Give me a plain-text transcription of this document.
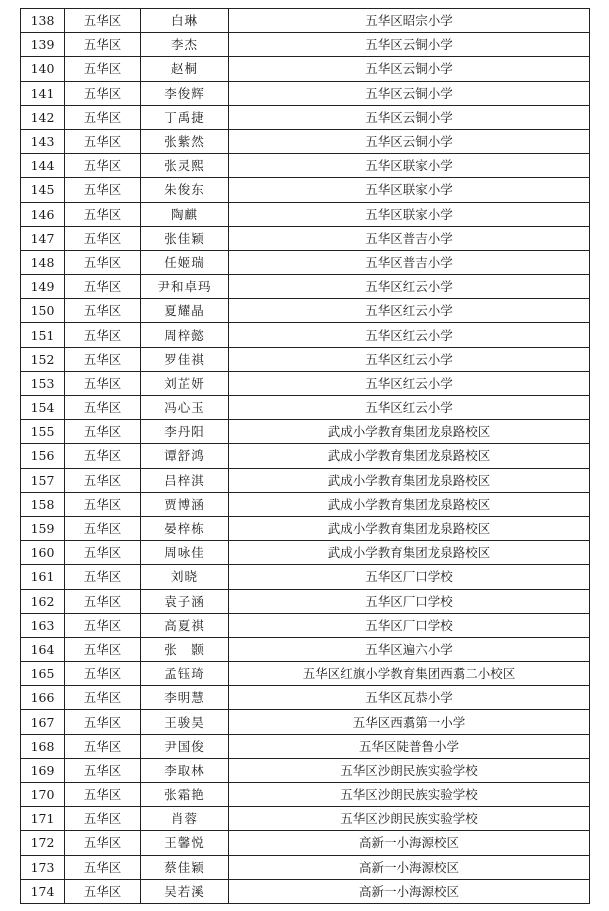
138	五华区	白琳	五华区昭宗小学
139	五华区	李杰	五华区云铜小学
140	五华区	赵桐	五华区云铜小学
141	五华区	李俊辉	五华区云铜小学
142	五华区	丁禹捷	五华区云铜小学
143	五华区	张紫然	五华区云铜小学
144	五华区	张灵熙	五华区联家小学
145	五华区	朱俊东	五华区联家小学
146	五华区	陶麒	五华区联家小学
147	五华区	张佳颖	五华区普吉小学
148	五华区	任姬瑞	五华区普吉小学
149	五华区	尹和卓玛	五华区红云小学
150	五华区	夏耀晶	五华区红云小学
151	五华区	周梓懿	五华区红云小学
152	五华区	罗佳祺	五华区红云小学
153	五华区	刘芷妍	五华区红云小学
154	五华区	冯心玉	五华区红云小学
155	五华区	李丹阳	武成小学教育集团龙泉路校区
156	五华区	谭舒鸿	武成小学教育集团龙泉路校区
157	五华区	吕梓淇	武成小学教育集团龙泉路校区
158	五华区	贾博涵	武成小学教育集团龙泉路校区
159	五华区	晏梓栋	武成小学教育集团龙泉路校区
160	五华区	周咏佳	武成小学教育集团龙泉路校区
161	五华区	刘晓	五华区厂口学校
162	五华区	袁子涵	五华区厂口学校
163	五华区	高夏祺	五华区厂口学校
164	五华区	张　颢	五华区遍六小学
165	五华区	孟钰琦	五华区红旗小学教育集团西翥二小校区
166	五华区	李明慧	五华区瓦恭小学
167	五华区	王骏昊	五华区西翥第一小学
168	五华区	尹国俊	五华区陡普鲁小学
169	五华区	李取林	五华区沙朗民族实验学校
170	五华区	张霜艳	五华区沙朗民族实验学校
171	五华区	肖蓉	五华区沙朗民族实验学校
172	五华区	王馨悦	高新一小海源校区
173	五华区	蔡佳颖	高新一小海源校区
174	五华区	吴若溪	高新一小海源校区
